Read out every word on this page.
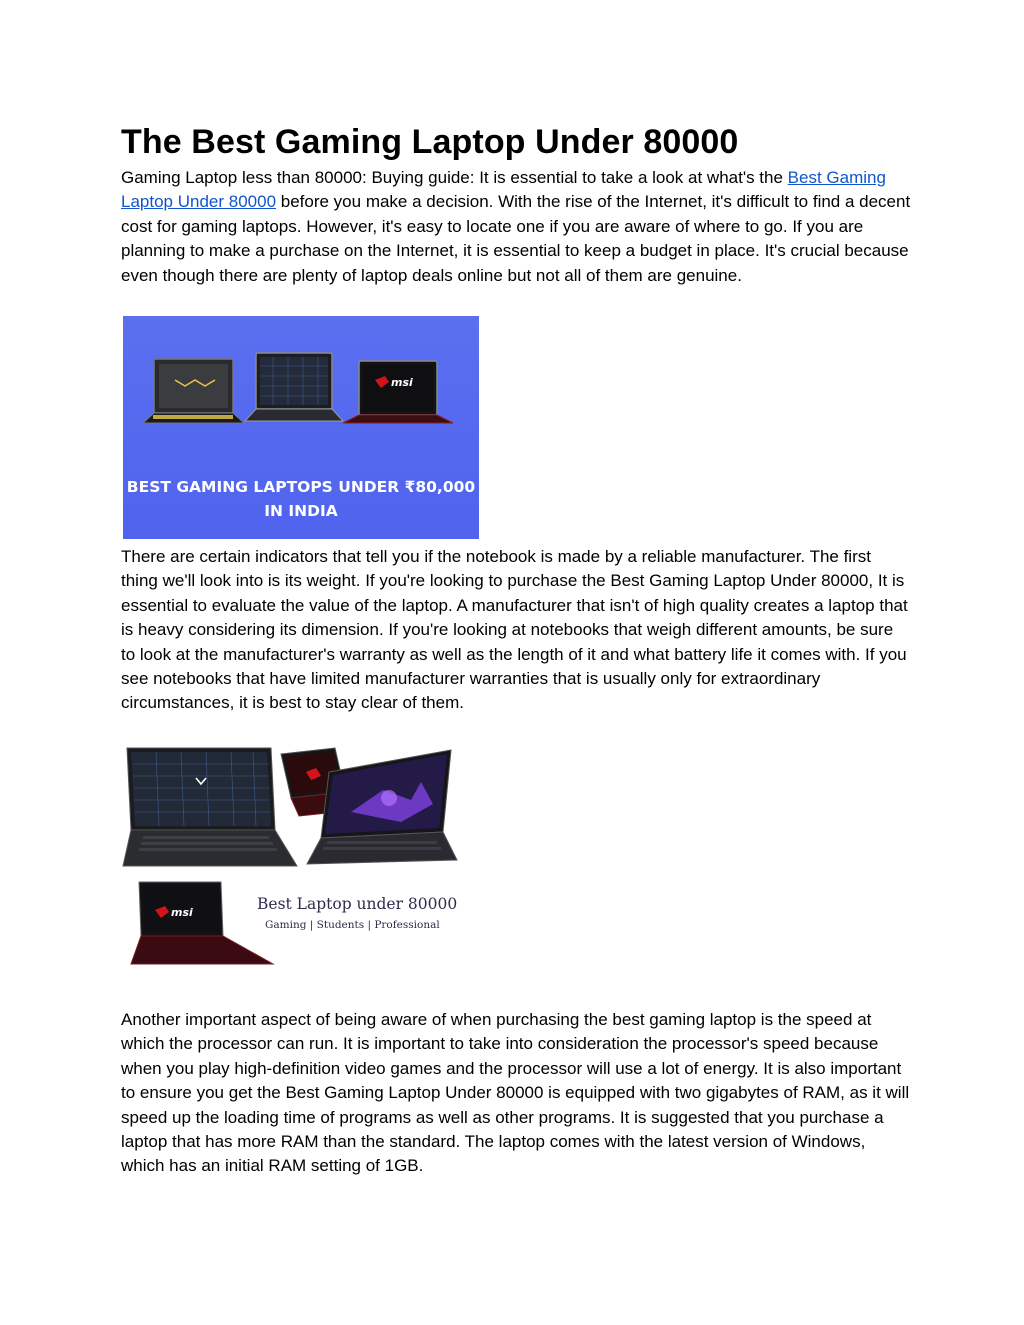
The Best Gaming Laptop Under 80000

Gaming Laptop less than 80000: Buying guide: It is essential to take a look at what's the Best Gaming Laptop Under 80000 before you make a decision. With the rise of the Internet, it's difficult to find a decent cost for gaming laptops. However, it's easy to locate one if you are aware of where to go. If you are planning to make a purchase on the Internet, it is essential to keep a budget in place. It's crucial because even though there are plenty of laptop deals online but not all of them are genuine.

msi
BEST GAMING LAPTOPS UNDER ₹80,000
IN INDIA

There are certain indicators that tell you if the notebook is made by a reliable manufacturer. The first thing we'll look into is its weight. If you're looking to purchase the Best Gaming Laptop Under 80000, It is essential to evaluate the value of the laptop. A manufacturer that isn't of high quality creates a laptop that is heavy considering its dimension. If you're looking at notebooks that weigh different amounts, be sure to look at the manufacturer's warranty as well as the length of it and what battery life it comes with. If you see notebooks that have limited manufacturer warranties that is usually only for extraordinary circumstances, it is best to stay clear of them.

msi	Best Laptop under 80000
Gaming | Students | Professional

Another important aspect of being aware of when purchasing the best gaming laptop is the speed at which the processor can run. It is important to take into consideration the processor's speed because when you play high-definition video games and the processor will use a lot of energy. It is also important to ensure you get the Best Gaming Laptop Under 80000 is equipped with two gigabytes of RAM, as it will speed up the loading time of programs as well as other programs. It is suggested that you purchase a laptop that has more RAM than the standard. The laptop comes with the latest version of Windows, which has an initial RAM setting of 1GB.
